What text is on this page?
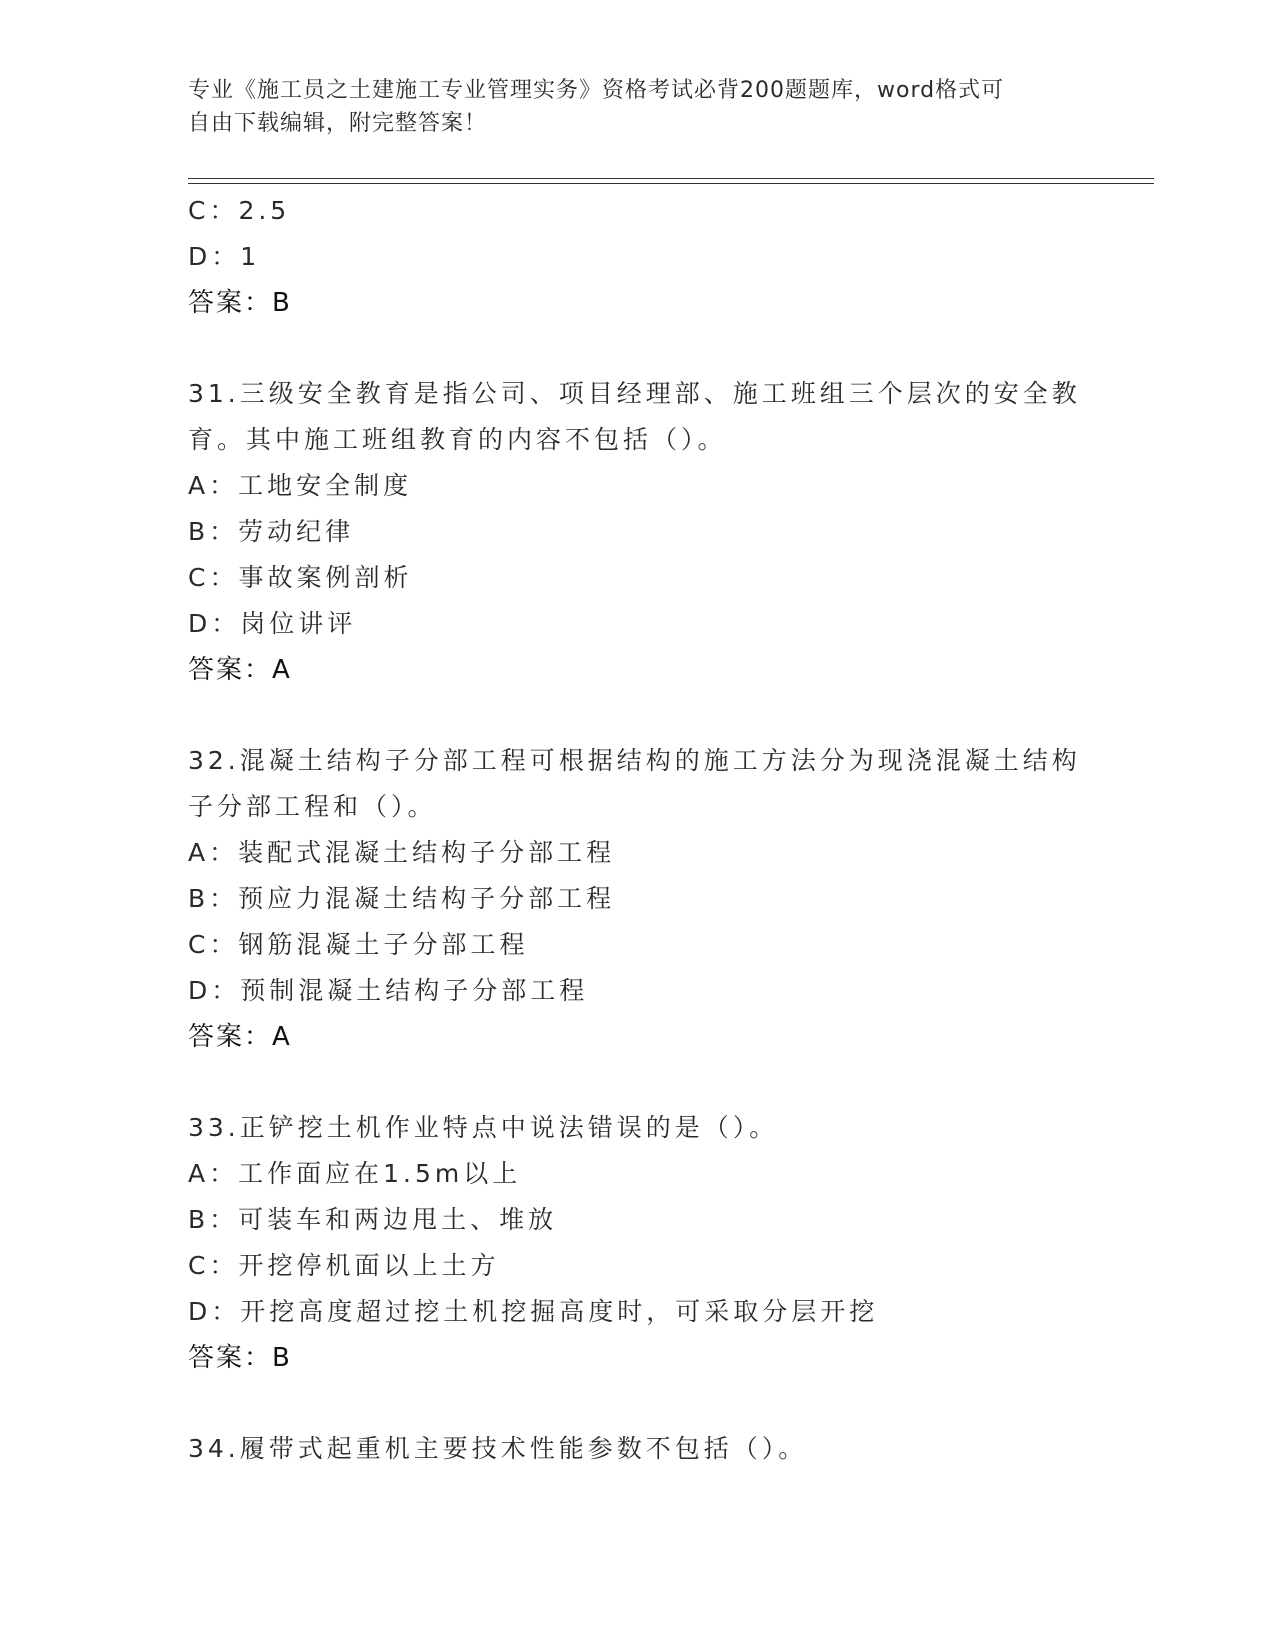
专业《施工员之土建施工专业管理实务》资格考试必背200题题库，word格式可
自由下载编辑，附完整答案！
C：2.5
D：1
答案：B
31.三级安全教育是指公司、项目经理部、施工班组三个层次的安全教
育。其中施工班组教育的内容不包括（）。
A：工地安全制度
B：劳动纪律
C：事故案例剖析
D：岗位讲评
答案：A
32.混凝土结构子分部工程可根据结构的施工方法分为现浇混凝土结构
子分部工程和（）。
A：装配式混凝土结构子分部工程
B：预应力混凝土结构子分部工程
C：钢筋混凝土子分部工程
D：预制混凝土结构子分部工程
答案：A
33.正铲挖土机作业特点中说法错误的是（）。
A：工作面应在1.5m以上
B：可装车和两边甩土、堆放
C：开挖停机面以上土方
D：开挖高度超过挖土机挖掘高度时，可采取分层开挖
答案：B
34.履带式起重机主要技术性能参数不包括（）。
